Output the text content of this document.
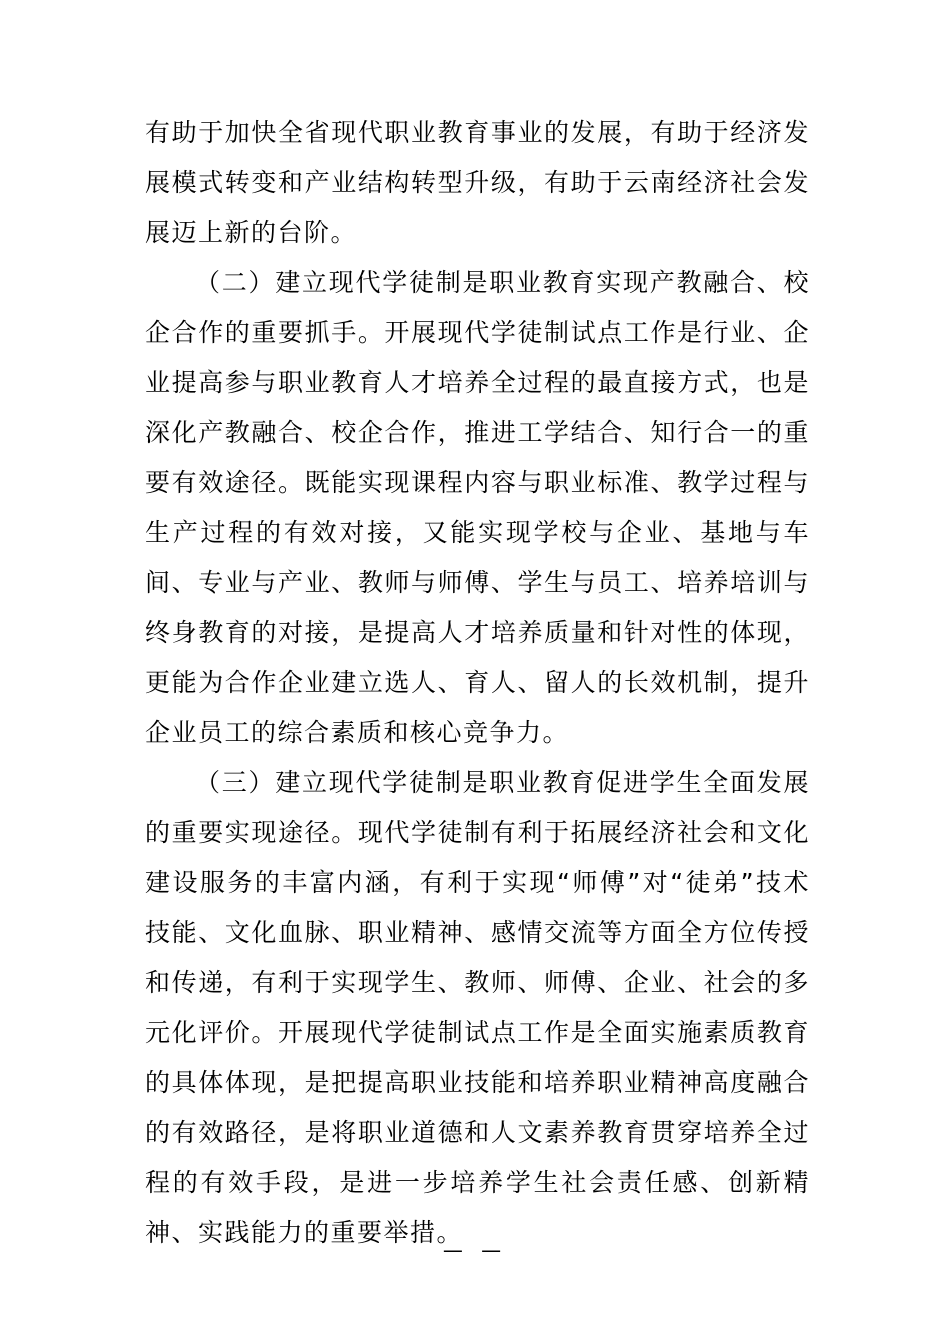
有助于加快全省现代职业教育事业的发展，有助于经济发展模式转变和产业结构转型升级，有助于云南经济社会发展迈上新的台阶。

（二）建立现代学徒制是职业教育实现产教融合、校企合作的重要抓手。开展现代学徒制试点工作是行业、企业提高参与职业教育人才培养全过程的最直接方式，也是深化产教融合、校企合作，推进工学结合、知行合一的重要有效途径。既能实现课程内容与职业标准、教学过程与生产过程的有效对接，又能实现学校与企业、基地与车间、专业与产业、教师与师傅、学生与员工、培养培训与终身教育的对接，是提高人才培养质量和针对性的体现，更能为合作企业建立选人、育人、留人的长效机制，提升企业员工的综合素质和核心竞争力。

（三）建立现代学徒制是职业教育促进学生全面发展的重要实现途径。现代学徒制有利于拓展经济社会和文化建设服务的丰富内涵，有利于实现“师傅”对“徒弟”技术技能、文化血脉、职业精神、感情交流等方面全方位传授和传递，有利于实现学生、教师、师傅、企业、社会的多元化评价。开展现代学徒制试点工作是全面实施素质教育的具体体现，是把提高职业技能和培养职业精神高度融合的有效路径，是将职业道德和人文素养教育贯穿培养全过程的有效手段，是进一步培养学生社会责任感、创新精神、实践能力的重要举措。

— —
